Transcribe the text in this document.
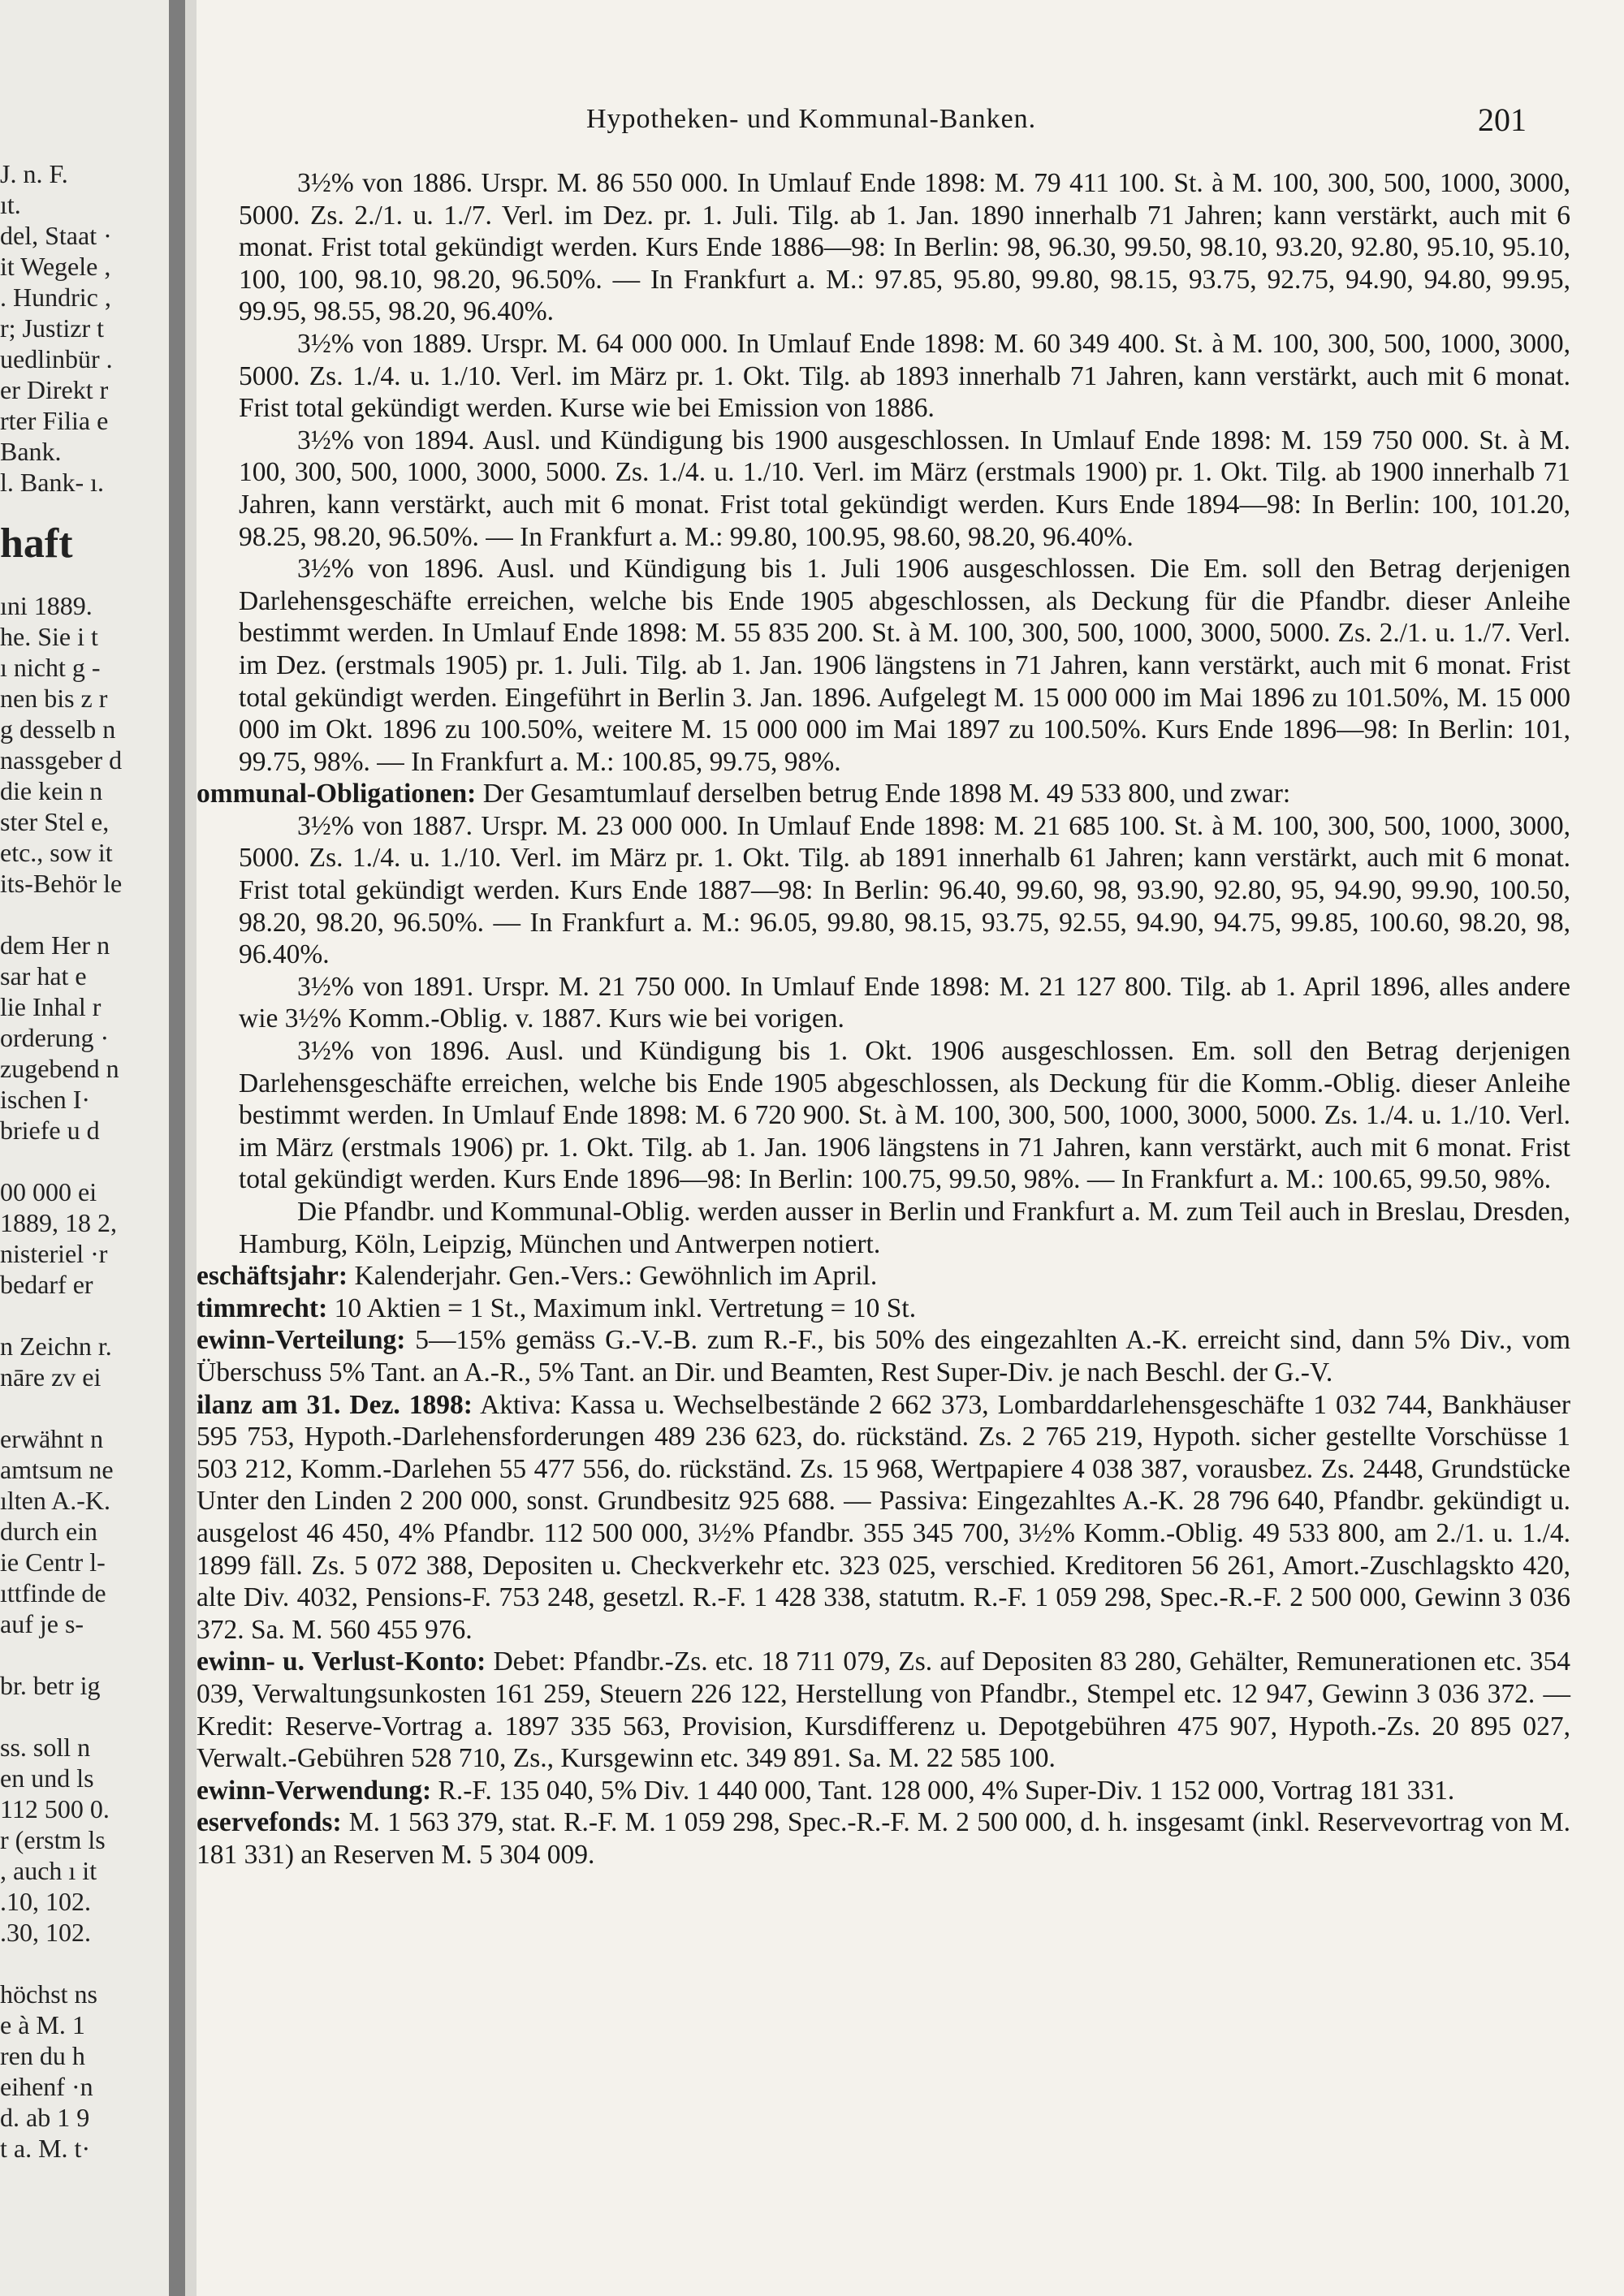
J. n. F.
ıt.
del, Staat ·
it Wegele ,
. Hundric ,
r; Justizr t
uedlinbür .
er Direkt r
rter Filia e
Bank.
l. Bank- ı.
haft
ıni 1889.
he. Sie i t
ı nicht g -
nen bis z r
g desselb n
nassgeber d
die kein n
ster Stel e,
etc., sow it
its-Behör le
dem Her n
sar hat e
lie Inhal r
orderung ·
zugebend n
ischen I·
briefe u d
00 000 ei
1889, 18 2,
nisteriel ·r
bedarf er
n Zeichn r.
nāre zv ei
erwähnt n
amtsum ne
ılten A.-K.
durch ein
ie Centr l-
ıttfinde de
auf je s-
br. betr ig
ss. soll n
en und ls
112 500 0.
r (erstm ls
, auch ı it
.10, 102.
.30, 102.
höchst ns
e à M. 1
ren du h
eihenf ·n
d. ab 1 9
t a. M. t·
Hypotheken- und Kommunal-Banken.	201

3½% von 1886. Urspr. M. 86 550 000. In Umlauf Ende 1898: M. 79 411 100. St. à M. 100, 300, 500, 1000, 3000, 5000. Zs. 2./1. u. 1./7. Verl. im Dez. pr. 1. Juli. Tilg. ab 1. Jan. 1890 innerhalb 71 Jahren; kann verstärkt, auch mit 6 monat. Frist total gekündigt werden. Kurs Ende 1886—98: In Berlin: 98, 96.30, 99.50, 98.10, 93.20, 92.80, 95.10, 95.10, 100, 100, 98.10, 98.20, 96.50%. — In Frankfurt a. M.: 97.85, 95.80, 99.80, 98.15, 93.75, 92.75, 94.90, 94.80, 99.95, 99.95, 98.55, 98.20, 96.40%.

3½% von 1889. Urspr. M. 64 000 000. In Umlauf Ende 1898: M. 60 349 400. St. à M. 100, 300, 500, 1000, 3000, 5000. Zs. 1./4. u. 1./10. Verl. im März pr. 1. Okt. Tilg. ab 1893 innerhalb 71 Jahren, kann verstärkt, auch mit 6 monat. Frist total gekündigt werden. Kurse wie bei Emission von 1886.

3½% von 1894. Ausl. und Kündigung bis 1900 ausgeschlossen. In Umlauf Ende 1898: M. 159 750 000. St. à M. 100, 300, 500, 1000, 3000, 5000. Zs. 1./4. u. 1./10. Verl. im März (erstmals 1900) pr. 1. Okt. Tilg. ab 1900 innerhalb 71 Jahren, kann verstärkt, auch mit 6 monat. Frist total gekündigt werden. Kurs Ende 1894—98: In Berlin: 100, 101.20, 98.25, 98.20, 96.50%. — In Frankfurt a. M.: 99.80, 100.95, 98.60, 98.20, 96.40%.

3½% von 1896. Ausl. und Kündigung bis 1. Juli 1906 ausgeschlossen. Die Em. soll den Betrag derjenigen Darlehensgeschäfte erreichen, welche bis Ende 1905 abgeschlossen, als Deckung für die Pfandbr. dieser Anleihe bestimmt werden. In Umlauf Ende 1898: M. 55 835 200. St. à M. 100, 300, 500, 1000, 3000, 5000. Zs. 2./1. u. 1./7. Verl. im Dez. (erstmals 1905) pr. 1. Juli. Tilg. ab 1. Jan. 1906 längstens in 71 Jahren, kann verstärkt, auch mit 6 monat. Frist total gekündigt werden. Eingeführt in Berlin 3. Jan. 1896. Aufgelegt M. 15 000 000 im Mai 1896 zu 101.50%, M. 15 000 000 im Okt. 1896 zu 100.50%, weitere M. 15 000 000 im Mai 1897 zu 100.50%. Kurs Ende 1896—98: In Berlin: 101, 99.75, 98%. — In Frankfurt a. M.: 100.85, 99.75, 98%.

ommunal-Obligationen: Der Gesamtumlauf derselben betrug Ende 1898 M. 49 533 800, und zwar:

3½% von 1887. Urspr. M. 23 000 000. In Umlauf Ende 1898: M. 21 685 100. St. à M. 100, 300, 500, 1000, 3000, 5000. Zs. 1./4. u. 1./10. Verl. im März pr. 1. Okt. Tilg. ab 1891 innerhalb 61 Jahren; kann verstärkt, auch mit 6 monat. Frist total gekündigt werden. Kurs Ende 1887—98: In Berlin: 96.40, 99.60, 98, 93.90, 92.80, 95, 94.90, 99.90, 100.50, 98.20, 98.20, 96.50%. — In Frankfurt a. M.: 96.05, 99.80, 98.15, 93.75, 92.55, 94.90, 94.75, 99.85, 100.60, 98.20, 98, 96.40%.

3½% von 1891. Urspr. M. 21 750 000. In Umlauf Ende 1898: M. 21 127 800. Tilg. ab 1. April 1896, alles andere wie 3½% Komm.-Oblig. v. 1887. Kurs wie bei vorigen.

3½% von 1896. Ausl. und Kündigung bis 1. Okt. 1906 ausgeschlossen. Em. soll den Betrag derjenigen Darlehensgeschäfte erreichen, welche bis Ende 1905 abgeschlossen, als Deckung für die Komm.-Oblig. dieser Anleihe bestimmt werden. In Umlauf Ende 1898: M. 6 720 900. St. à M. 100, 300, 500, 1000, 3000, 5000. Zs. 1./4. u. 1./10. Verl. im März (erstmals 1906) pr. 1. Okt. Tilg. ab 1. Jan. 1906 längstens in 71 Jahren, kann verstärkt, auch mit 6 monat. Frist total gekündigt werden. Kurs Ende 1896—98: In Berlin: 100.75, 99.50, 98%. — In Frankfurt a. M.: 100.65, 99.50, 98%.

Die Pfandbr. und Kommunal-Oblig. werden ausser in Berlin und Frankfurt a. M. zum Teil auch in Breslau, Dresden, Hamburg, Köln, Leipzig, München und Antwerpen notiert.

eschäftsjahr: Kalenderjahr. Gen.-Vers.: Gewöhnlich im April.

timmrecht: 10 Aktien = 1 St., Maximum inkl. Vertretung = 10 St.

ewinn-Verteilung: 5—15% gemäss G.-V.-B. zum R.-F., bis 50% des eingezahlten A.-K. erreicht sind, dann 5% Div., vom Überschuss 5% Tant. an A.-R., 5% Tant. an Dir. und Beamten, Rest Super-Div. je nach Beschl. der G.-V.

ilanz am 31. Dez. 1898: Aktiva: Kassa u. Wechselbestände 2 662 373, Lombarddarlehensgeschäfte 1 032 744, Bankhäuser 595 753, Hypoth.-Darlehensforderungen 489 236 623, do. rückständ. Zs. 2 765 219, Hypoth. sicher gestellte Vorschüsse 1 503 212, Komm.-Darlehen 55 477 556, do. rückständ. Zs. 15 968, Wertpapiere 4 038 387, vorausbez. Zs. 2448, Grundstücke Unter den Linden 2 200 000, sonst. Grundbesitz 925 688. — Passiva: Eingezahltes A.-K. 28 796 640, Pfandbr. gekündigt u. ausgelost 46 450, 4% Pfandbr. 112 500 000, 3½% Pfandbr. 355 345 700, 3½% Komm.-Oblig. 49 533 800, am 2./1. u. 1./4. 1899 fäll. Zs. 5 072 388, Depositen u. Checkverkehr etc. 323 025, verschied. Kreditoren 56 261, Amort.-Zuschlagskto 420, alte Div. 4032, Pensions-F. 753 248, gesetzl. R.-F. 1 428 338, statutm. R.-F. 1 059 298, Spec.-R.-F. 2 500 000, Gewinn 3 036 372. Sa. M. 560 455 976.

ewinn- u. Verlust-Konto: Debet: Pfandbr.-Zs. etc. 18 711 079, Zs. auf Depositen 83 280, Gehälter, Remunerationen etc. 354 039, Verwaltungsunkosten 161 259, Steuern 226 122, Herstellung von Pfandbr., Stempel etc. 12 947, Gewinn 3 036 372. — Kredit: Reserve-Vortrag a. 1897 335 563, Provision, Kursdifferenz u. Depotgebühren 475 907, Hypoth.-Zs. 20 895 027, Verwalt.-Gebühren 528 710, Zs., Kursgewinn etc. 349 891. Sa. M. 22 585 100.

ewinn-Verwendung: R.-F. 135 040, 5% Div. 1 440 000, Tant. 128 000, 4% Super-Div. 1 152 000, Vortrag 181 331.

eservefonds: M. 1 563 379, stat. R.-F. M. 1 059 298, Spec.-R.-F. M. 2 500 000, d. h. insgesamt (inkl. Reservevortrag von M. 181 331) an Reserven M. 5 304 009.
